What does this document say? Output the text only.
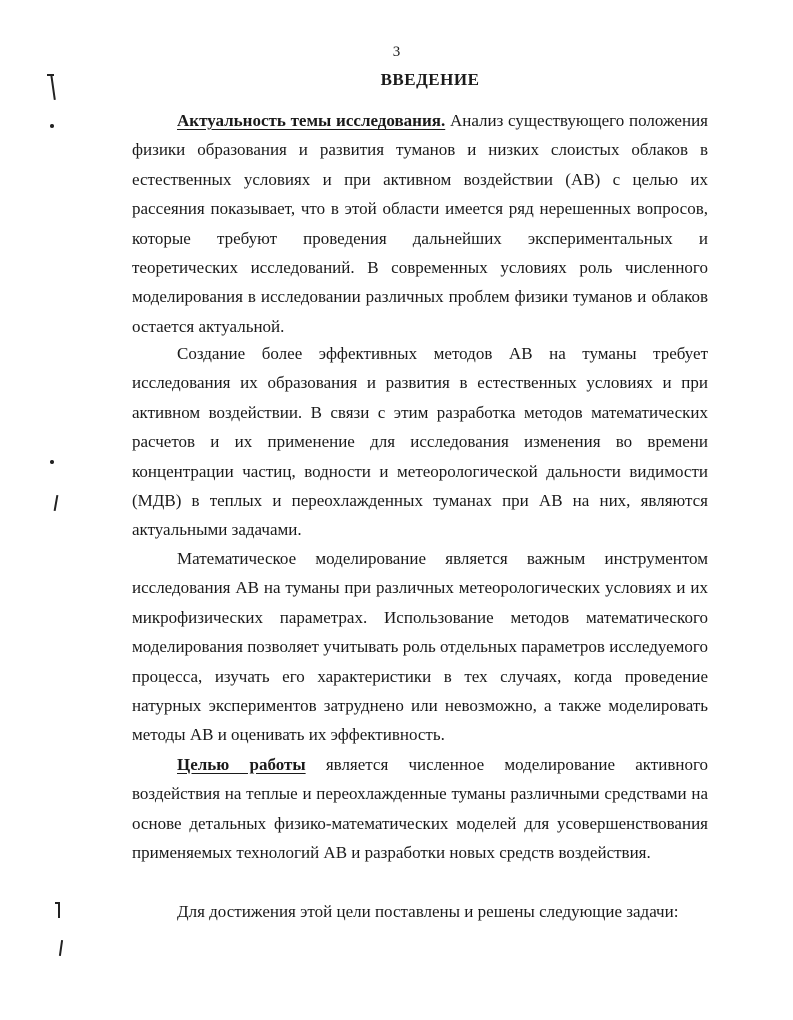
3
ВВЕДЕНИЕ

Актуальность темы исследования. Анализ существующего положения физики образования и развития туманов и низких слоистых облаков в естественных условиях и при активном воздействии (АВ) с целью их рассеяния показывает, что в этой области имеется ряд нерешенных вопросов, которые требуют проведения дальнейших экспериментальных и теоретических исследований. В современных условиях роль численного моделирования в исследовании различных проблем физики туманов и облаков остается актуальной.

Создание более эффективных методов АВ на туманы требует исследования их образования и развития в естественных условиях и при активном воздействии. В связи с этим разработка методов математических расчетов и их применение для исследования изменения во времени концентрации частиц, водности и метеорологической дальности видимости (МДВ) в теплых и переохлажденных туманах при АВ на них, являются актуальными задачами.

Математическое моделирование является важным инструментом исследования АВ на туманы при различных метеорологических условиях и их микрофизических параметрах. Использование методов математического моделирования позволяет учитывать роль отдельных параметров исследуемого процесса, изучать его характеристики в тех случаях, когда проведение натурных экспериментов затруднено или невозможно, а также моделировать методы АВ и оценивать их эффективность.

Целью работы является численное моделирование активного воздействия на теплые и переохлажденные туманы различными средствами на основе детальных физико-математических моделей для усовершенствования применяемых технологий АВ и разработки новых средств воздействия.

Для достижения этой цели поставлены и решены следующие задачи:
